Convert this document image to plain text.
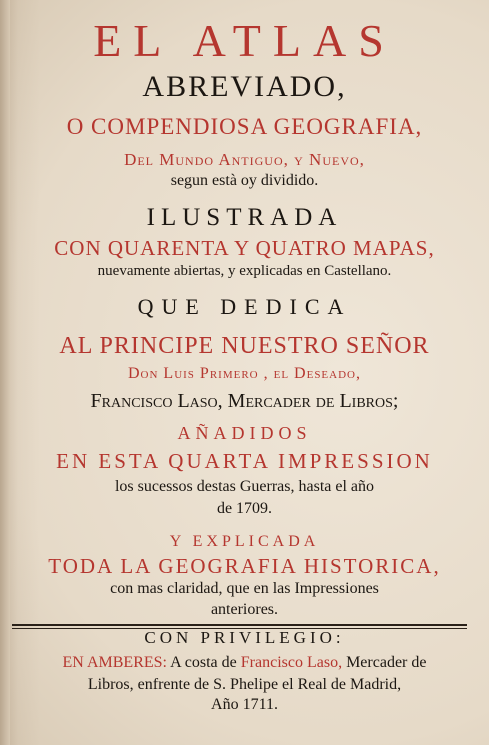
EL ATLAS
ABREVIADO,
O COMPENDIOSA GEOGRAFIA,
Del Mundo Antiguo, y Nuevo,
segun està oy dividido.
ILUSTRADA
CON QUARENTA Y QUATRO MAPAS,
nuevamente abiertas, y explicadas en Castellano.
QUE DEDICA
AL PRINCIPE NUESTRO SEÑOR
Don Luis Primero , el Deseado,
Francisco Laso, Mercader de Libros;
AÑADIDOS
EN ESTA QUARTA IMPRESSION
los sucessos destas Guerras, hasta el año
de 1709.
Y EXPLICADA
TODA LA GEOGRAFIA HISTORICA,
con mas claridad, que en las Impressiones
anteriores.
CON PRIVILEGIO:
EN AMBERES: A costa de Francisco Laso, Mercader de
Libros, enfrente de S. Phelipe el Real de Madrid,
Año 1711.
